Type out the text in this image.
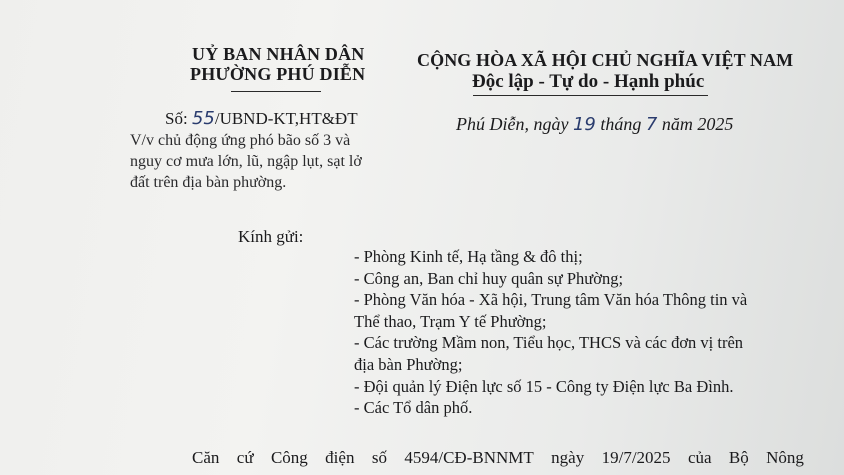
UỶ BAN NHÂN DÂN
PHƯỜNG PHÚ DIỄN
CỘNG HÒA XÃ HỘI CHỦ NGHĨA VIỆT NAM
Độc lập - Tự do - Hạnh phúc
Số: 55/UBND-KT,HT&ĐT
V/v chủ động ứng phó bão số 3 và
nguy cơ mưa lớn, lũ, ngập lụt, sạt lở
đất trên địa bàn phường.
Phú Diễn, ngày 19 tháng 7 năm 2025
Kính gửi:
- Phòng Kinh tế, Hạ tầng & đô thị;
- Công an, Ban chỉ huy quân sự Phường;
- Phòng Văn hóa - Xã hội, Trung tâm Văn hóa Thông tin và
Thể thao, Trạm Y tế Phường;
- Các trường Mầm non, Tiểu học, THCS và các đơn vị trên
địa bàn Phường;
- Đội quản lý Điện lực số 15 - Công ty Điện lực Ba Đình.
- Các Tổ dân phố.
Căn cứ Công điện số 4594/CĐ-BNNMT ngày 19/7/2025 của Bộ Nông
